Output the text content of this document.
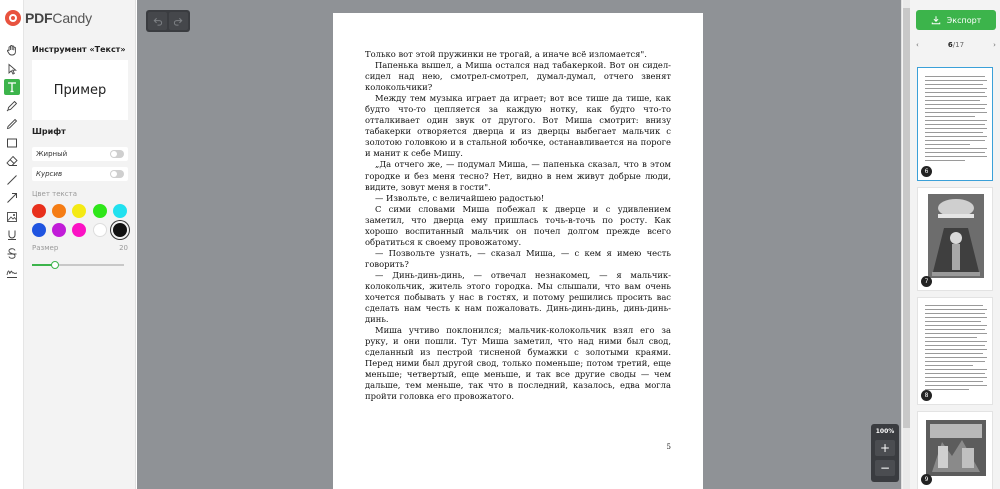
PDFCandy
Инструмент «Текст»
Пример
Шрифт
Жирный
Курсив
Цвет текста
Размер	20

Только вот этой пружинки не трогай, а иначе всё изломается".

Папенька вышел, а Миша остался над табакеркой. Вот он сидел-сидел над нею, смотрел-смотрел, думал-думал, отчего звенят колокольчики?

Между тем музыка играет да играет; вот все тише да тише, как будто что-то цепляется за каждую нотку, как будто что-то отталкивает один звук от другого. Вот Миша смотрит: внизу табакерки отворяется дверца и из дверцы выбегает мальчик с золотою головкою и в стальной юбочке, останавливается на пороге и манит к себе Мишу.

„Да отчего же, — подумал Миша, — папенька сказал, что в этом городке и без меня тесно? Нет, видно в нем живут добрые люди, видите, зовут меня в гости".

— Извольте, с величайшею радостью!

С сими словами Миша побежал к дверце и с удивлением заметил, что дверца ему пришлась точь-в-точь по росту. Как хорошо воспитанный мальчик он почел долгом прежде всего обратиться к своему провожатому.

— Позвольте узнать, — сказал Миша, — с кем я имею честь говорить?

— Динь-динь-динь, — отвечал незнакомец, — я мальчик-колокольчик, житель этого городка. Мы слышали, что вам очень хочется побывать у нас в гостях, и потому решились просить вас сделать нам честь к нам пожаловать. Динь-динь-динь, динь-динь-динь.

Миша учтиво поклонился; мальчик-колокольчик взял его за руку, и они пошли. Тут Миша заметил, что над ними был свод, сделанный из пестрой тисненой бумажки с золотыми краями. Перед ними был другой свод, только поменьше; потом третий, еще меньше; четвертый, еще меньше, и так все другие своды — чем дальше, тем меньше, так что в последний, казалось, едва могла пройти головка его провожатого.

5
100%
+
−
Экспорт
‹	6/17	›
6
7
8
9
